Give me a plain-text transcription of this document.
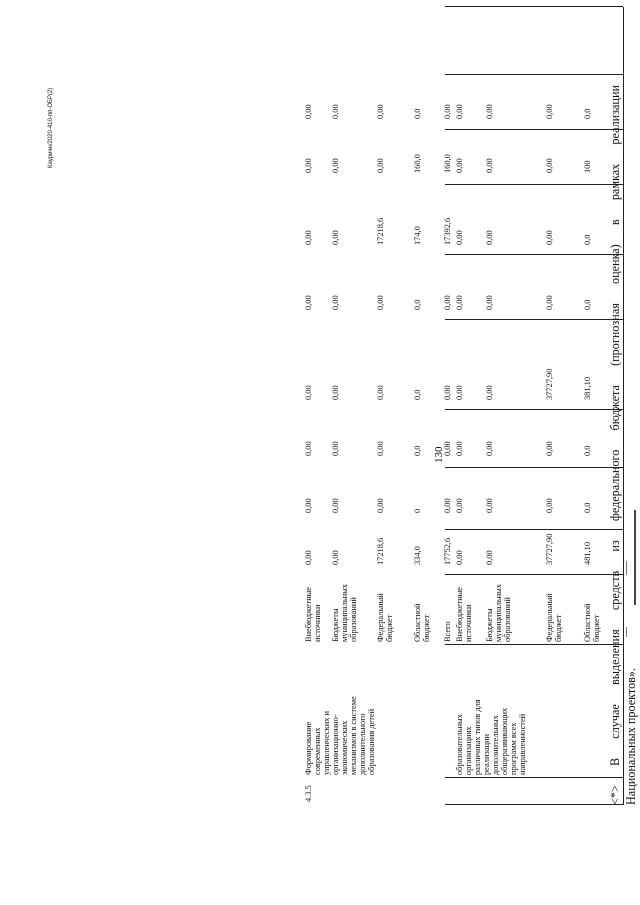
130
образовательных
организациях
различных типов для
реализации
дополнительных
общеразвивающих
программ всех
направленностей
Областной
бюджет
481,10
0,0
0,0
381,10
0,0
0,0
100
0,0
Федеральный
бюджет
37727,90
0,00
0,00
37727,90
0,00
0,00
0,00
0,00
Бюджеты
муниципальных
образований
0,00
0,00
0,00
0,00
0,00
0,00
0,00
0,00
Внебюджетные
источники
0,00
0,00
0,00
0,00
0,00
0,00
0,00
0,00
4.3.5
Формирование
современных
управленческих и
организационно-
экономических
механизмов в системе
дополнительного
образования детей
Всего
17752,6
0,00
0,00
0,00
0,00
17392,6
160,0
0,00
Областной
бюджет
334,0
0
0,0
0,0
0,0
174,0
160,0
0,0
Федеральный
бюджет
17218,6
0,00
0,00
0,00
0,00
17218,6
0,00
0,00
Бюджеты
муниципальных
образований
0,00
0,00
0,00
0,00
0,00
0,00
0,00
0,00
Внебюджетные
источники
0,00
0,00
0,00
0,00
0,00
0,00
0,00
0,00	<*> В случае выделения средств из федерального бюджета (прогнозная оценка) в рамках реализации Национальных проектов».
Кауричн/2020-410-пп-ОБР(2)
